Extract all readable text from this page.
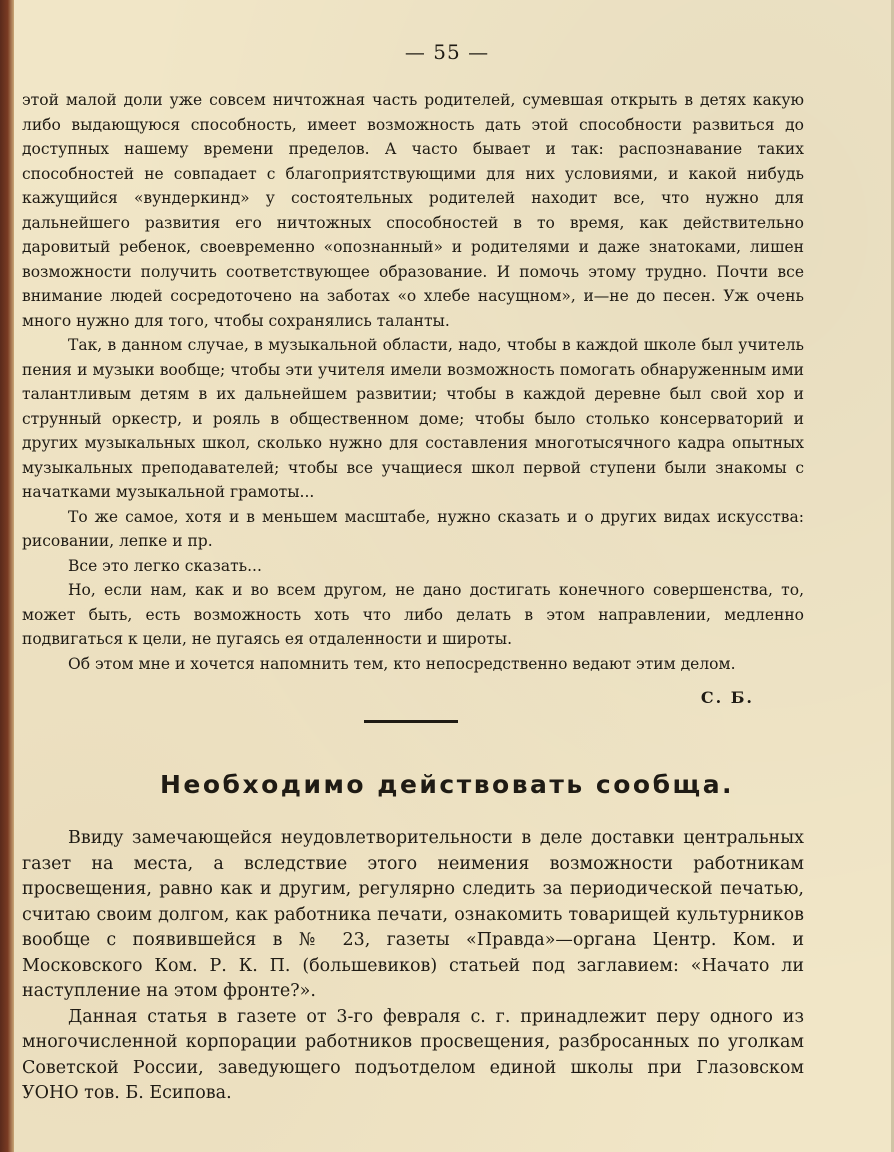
— 55 —

этой малой доли уже совсем ничтожная часть родителей, сумевшая открыть в детях какую либо выдающуюся способность, имеет возможность дать этой способности развиться до доступных нашему времени пределов. А часто бывает и так: распознавание таких способностей не совпадает с благоприятствующими для них условиями, и какой нибудь кажущийся «вундеркинд» у состоятельных родителей находит все, что нужно для дальнейшего развития его ничтожных способностей в то время, как действительно даровитый ребенок, своевременно «опознанный» и родителями и даже знатоками, лишен возможности получить соответствующее образование. И помочь этому трудно. Почти все внимание людей сосредоточено на заботах «о хлебе насущном», и—не до песен. Уж очень много нужно для того, чтобы сохранялись таланты.

Так, в данном случае, в музыкальной области, надо, чтобы в каждой школе был учитель пения и музыки вообще; чтобы эти учителя имели возможность помогать обнаруженным ими талантливым детям в их дальнейшем развитии; чтобы в каждой деревне был свой хор и струнный оркестр, и рояль в общественном доме; чтобы было столько консерваторий и других музыкальных школ, сколько нужно для составления многотысячного кадра опытных музыкальных преподавателей; чтобы все учащиеся школ первой ступени были знакомы с начатками музыкальной грамоты...

То же самое, хотя и в меньшем масштабе, нужно сказать и о других видах искусства: рисовании, лепке и пр.

Все это легко сказать...

Но, если нам, как и во всем другом, не дано достигать конечного совершенства, то, может быть, есть возможность хоть что либо делать в этом направлении, медленно подвигаться к цели, не пугаясь ея отдаленности и широты.

Об этом мне и хочется напомнить тем, кто непосредственно ведают этим делом.

С. Б.
Необходимо действовать сообща.

Ввиду замечающейся неудовлетворительности в деле доставки центральных газет на места, а вследствие этого неимения возможности работникам просвещения, равно как и другим, регулярно следить за периодической печатью, считаю своим долгом, как работника печати, ознакомить товарищей культурников вообще с появившейся в № 23, газеты «Правда»—органа Центр. Ком. и Московского Ком. Р. К. П. (большевиков) статьей под заглавием: «Начато ли наступление на этом фронте?».

Данная статья в газете от 3-го февраля с. г. принадлежит перу одного из многочисленной корпорации работников просвещения, разбросанных по уголкам Советской России, заведующего подъотделом единой школы при Глазовском УОНО тов. Б. Есипова.
